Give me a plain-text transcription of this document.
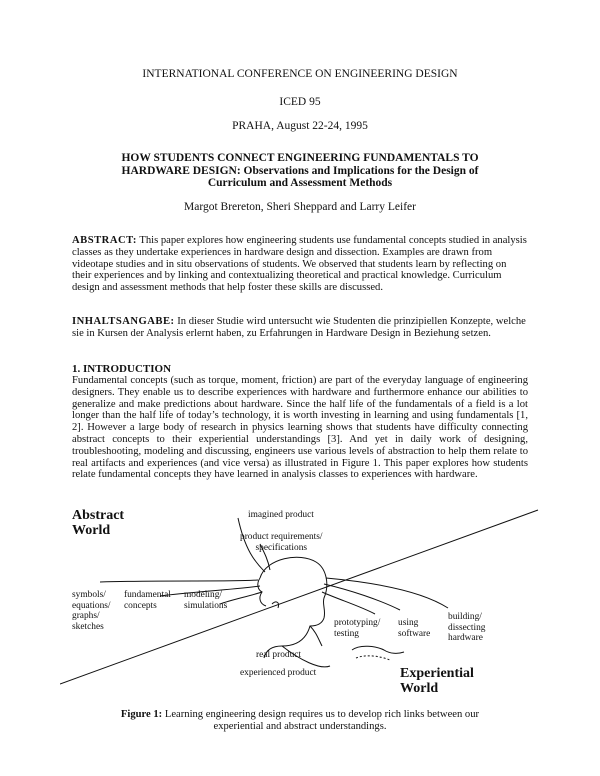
INTERNATIONAL CONFERENCE ON ENGINEERING DESIGN
ICED 95
PRAHA, August 22-24, 1995
HOW STUDENTS CONNECT ENGINEERING FUNDAMENTALS TO
HARDWARE DESIGN: Observations and Implications for the Design of
Curriculum and Assessment Methods
Margot Brereton, Sheri Sheppard and Larry Leifer
ABSTRACT: This paper explores how engineering students use fundamental concepts studied in analysis classes as they undertake experiences in hardware design and dissection. Examples are drawn from videotape studies and in situ observations of students. We observed that students learn by reflecting on their experiences and by linking and contextualizing theoretical and practical knowledge. Curriculum design and assessment methods that help foster these skills are discussed.
INHALTSANGABE: In dieser Studie wird untersucht wie Studenten die prinzipiellen Konzepte, welche sie in Kursen der Analysis erlernt haben, zu Erfahrungen in Hardware Design in Beziehung setzen.
1. INTRODUCTION
Fundamental concepts (such as torque, moment, friction) are part of the everyday language of engineering designers. They enable us to describe experiences with hardware and furthermore enhance our abilities to generalize and make predictions about hardware. Since the half life of the fundamentals of a field is a lot longer than the half life of today’s technology, it is worth investing in learning and using fundamentals [1, 2]. However a large body of research in physics learning shows that students have difficulty connecting abstract concepts to their experiential understandings [3]. And yet in daily work of designing, troubleshooting, modeling and discussing, engineers use various levels of abstraction to help them relate to real artifacts and experiences (and vice versa) as illustrated in Figure 1. This paper explores how students relate fundamental concepts they have learned in analysis classes to experiences with hardware.
Abstract
World
Experiential
World
imagined product
product requirements/
specifications
symbols/
equations/
graphs/
sketches
fundamental
concepts
modeling/
simulations
prototyping/
testing
using
software
building/
dissecting
hardware
real product
experienced product
Figure 1: Learning engineering design requires us to develop rich links between our
experiential and abstract understandings.
